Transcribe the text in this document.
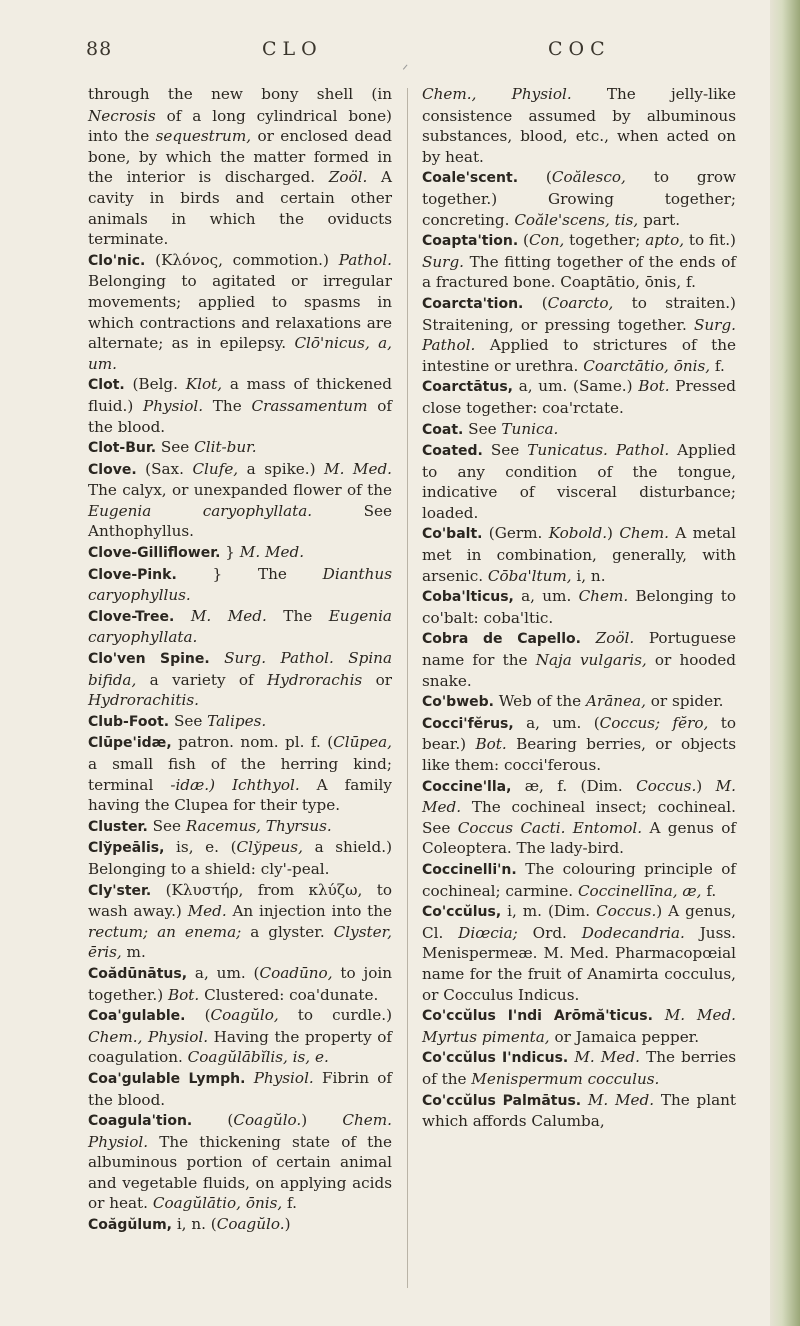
88	CLO	COC

through the new bony shell (in Necrosis of a long cylindrical bone) into the sequestrum, or enclosed dead bone, by which the matter formed in the interior is discharged. Zoöl. A cavity in birds and certain other animals in which the oviducts terminate.

Clo'nic. (Κλόνος, commotion.) Pathol. Belonging to agitated or irregular movements; applied to spasms in which contractions and relaxations are alternate; as in epilepsy. Clō'nicus, a, um.

Clot. (Belg. Klot, a mass of thickened fluid.) Physiol. The Crassamentum of the blood.

Clot-Bur. See Clit-bur.

Clove. (Sax. Clufe, a spike.) M. Med. The calyx, or unexpanded flower of the Eugenia caryophyllata. See Anthophyllus.

Clove-Gilliflower. } M. Med.

Clove-Pink. } The Dianthus caryophyllus.

Clove-Tree. M. Med. The Eugenia caryophyllata.

Clo'ven Spine. Surg. Pathol. Spina bifida, a variety of Hydrorachis or Hydrorachitis.

Club-Foot. See Talipes.

Clūpe'idæ, patron. nom. pl. f. (Clūpea, a small fish of the herring kind; terminal -idæ.) Ichthyol. A family having the Clupea for their type.

Cluster. See Racemus, Thyrsus.

Clўpeālis, is, e. (Clўpeus, a shield.) Belonging to a shield: cly'-peal.

Cly'ster. (Κλυστήρ, from κλύζω, to wash away.) Med. An injection into the rectum; an enema; a glyster. Clyster, ēris, m.

Coădūnātus, a, um. (Coadūno, to join together.) Bot. Clustered: coa'dunate.

Coa'gulable. (Coagŭlo, to curdle.) Chem., Physiol. Having the property of coagulation. Coagŭlābĭlis, is, e.

Coa'gulable Lymph. Physiol. Fibrin of the blood.

Coagula'tion. (Coagŭlo.) Chem. Physiol. The thickening state of the albuminous portion of certain animal and vegetable fluids, on applying acids or heat. Coagŭlātio, ōnis, f.

Coăgŭlum, i, n. (Coagŭlo.)

Chem., Physiol. The jelly-like consistence assumed by albuminous substances, blood, etc., when acted on by heat.

Coale'scent. (Coălesco, to grow together.) Growing together; concreting. Coăle'scens, tis, part.

Coapta'tion. (Con, together; apto, to fit.) Surg. The fitting together of the ends of a fractured bone. Coaptātio, ōnis, f.

Coarcta'tion. (Coarcto, to straiten.) Straitening, or pressing together. Surg. Pathol. Applied to strictures of the intestine or urethra. Coarctātio, ōnis, f.

Coarctātus, a, um. (Same.) Bot. Pressed close together: coa'rctate.

Coat. See Tunica.

Coated. See Tunicatus. Pathol. Applied to any condition of the tongue, indicative of visceral disturbance; loaded.

Co'balt. (Germ. Kobold.) Chem. A metal met in combination, generally, with arsenic. Cōba'ltum, i, n.

Coba'lticus, a, um. Chem. Belonging to co'balt: coba'ltic.

Cobra de Capello. Zoöl. Portuguese name for the Naja vulgaris, or hooded snake.

Co'bweb. Web of the Arānea, or spider.

Cocci'fĕrus, a, um. (Coccus; fĕro, to bear.) Bot. Bearing berries, or objects like them: cocci'ferous.

Coccine'lla, æ, f. (Dim. Coccus.) M. Med. The cochineal insect; cochineal. See Coccus Cacti. Entomol. A genus of Coleoptera. The lady-bird.

Coccinelli'n. The colouring principle of cochineal; carmine. Coccinellīna, æ, f.

Co'ccŭlus, i, m. (Dim. Coccus.) A genus, Cl. Diœcia; Ord. Dodecandria. Juss. Menispermeæ. M. Med. Pharmacopœial name for the fruit of Anamirta cocculus, or Cocculus Indicus.

Co'ccŭlus I'ndi Arōmă'ticus. M. Med. Myrtus pimenta, or Jamaica pepper.

Co'ccŭlus I'ndicus. M. Med. The berries of the Menispermum cocculus.

Co'ccŭlus Palmātus. M. Med. The plant which affords Calumba,
